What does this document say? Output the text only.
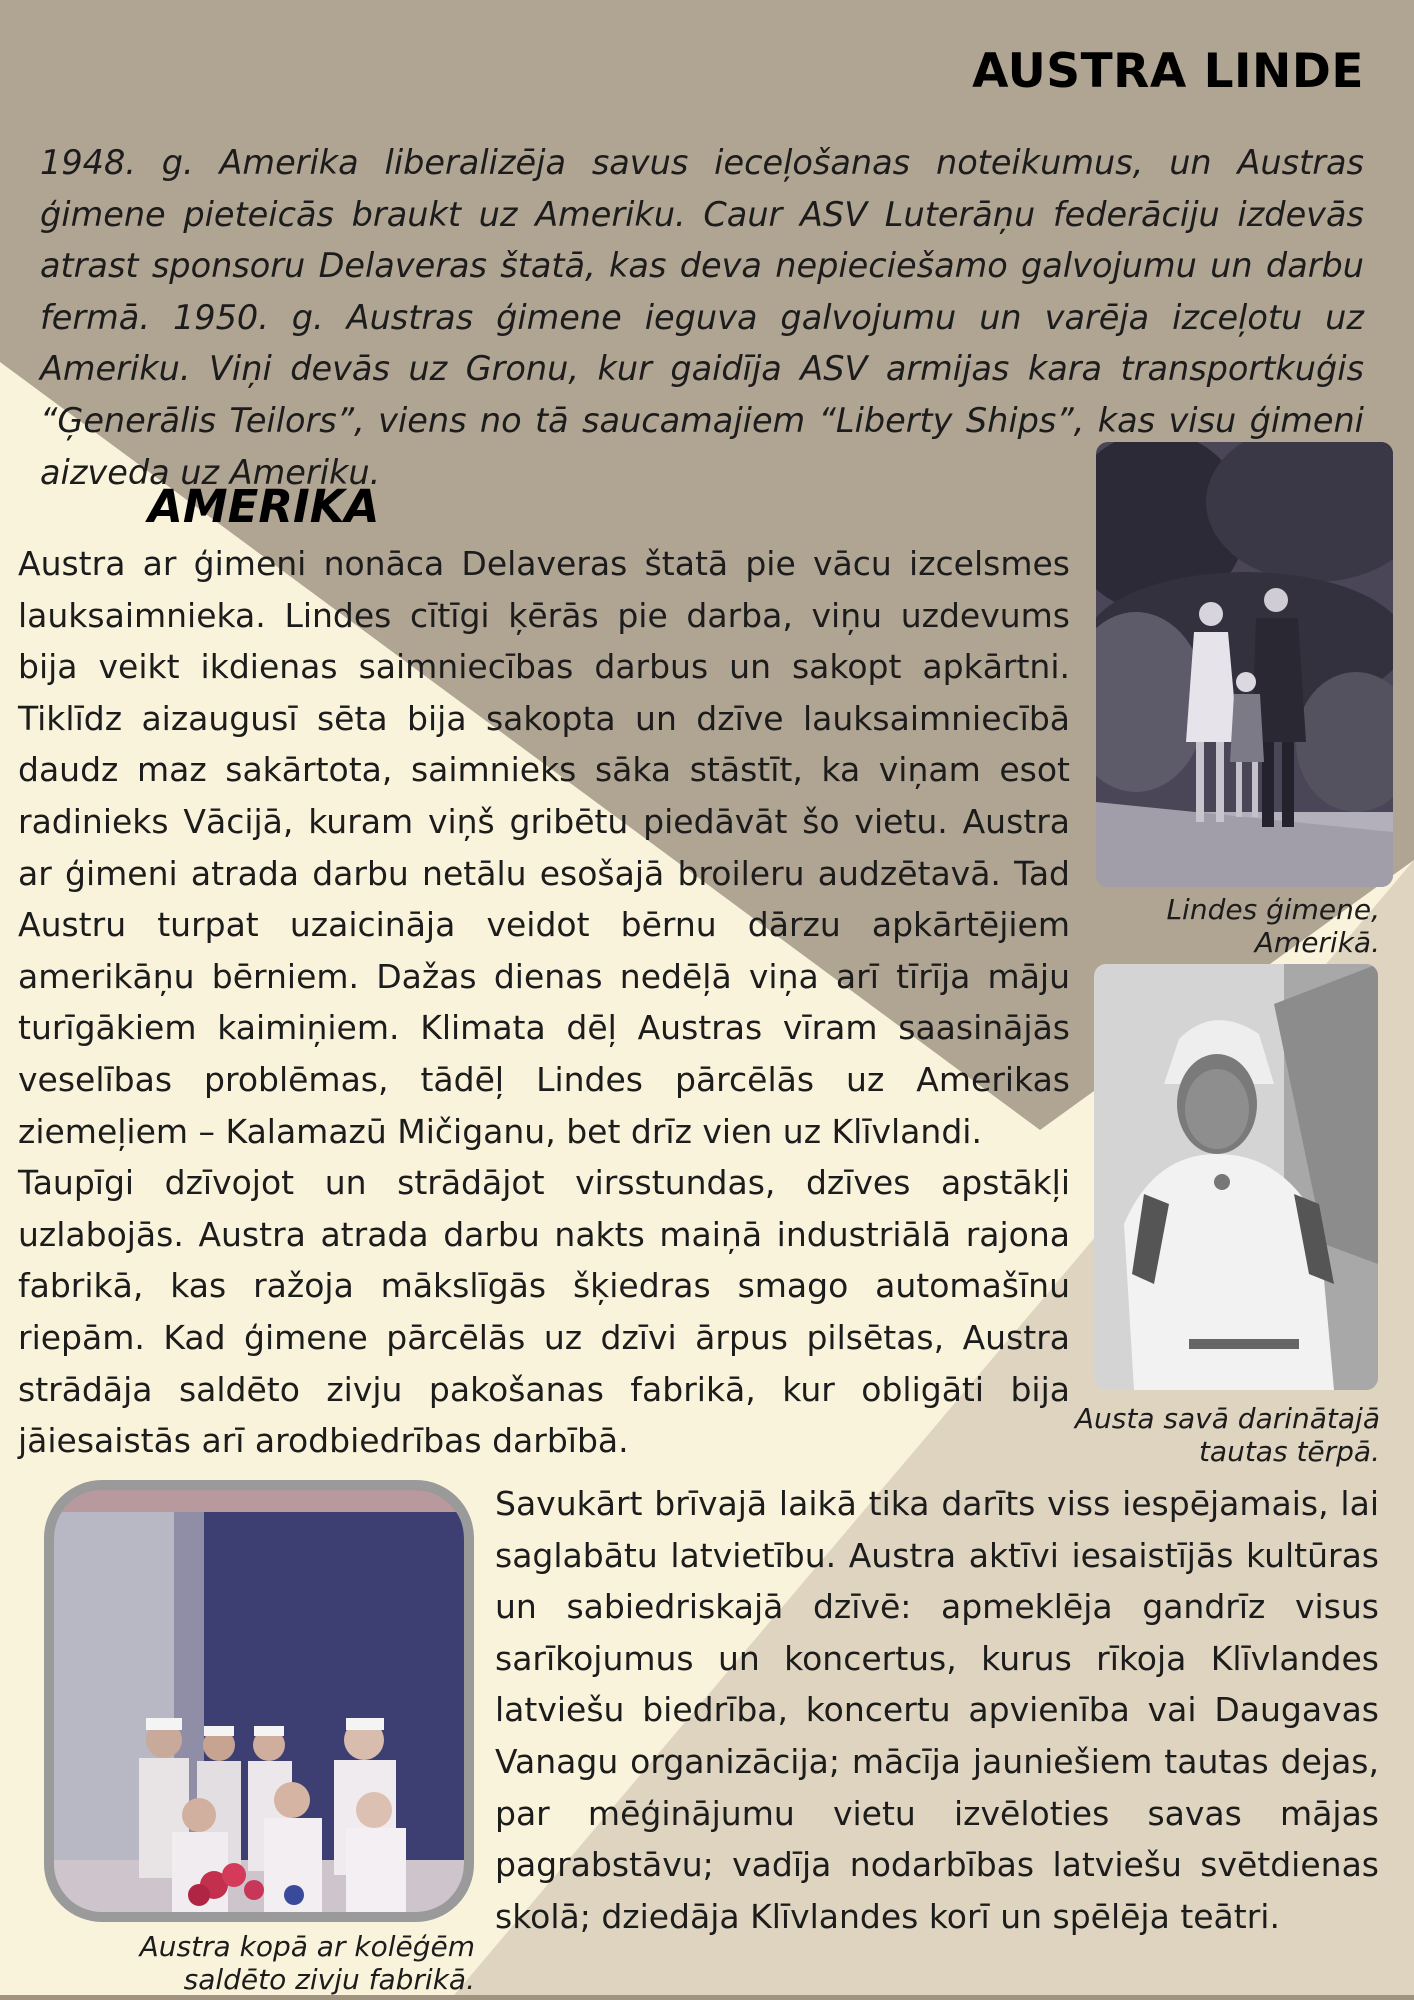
AUSTRA LINDE

1948. g. Amerika liberalizēja savus ieceļošanas noteikumus, un Austras ģimene pieteicās braukt uz Ameriku. Caur ASV Luterāņu federāciju izdevās atrast sponsoru Delaveras štatā, kas deva nepieciešamo galvojumu un darbu fermā. 1950. g. Austras ģimene ieguva galvojumu un varēja izceļotu uz Ameriku. Viņi devās uz Gronu, kur gaidīja ASV armijas kara transportkuģis “Ģenerālis Teilors”, viens no tā saucamajiem “Liberty Ships”, kas visu ģimeni aizveda uz Ameriku.

AMERIKA

Austra ar ģimeni nonāca Delaveras štatā pie vācu izcelsmes lauksaimnieka. Lindes cītīgi ķērās pie darba, viņu uzdevums bija veikt ikdienas saimniecības darbus un sakopt apkārtni. Tiklīdz aizaugusī sēta bija sakopta un dzīve lauksaimniecībā daudz maz sakārtota, saimnieks sāka stāstīt, ka viņam esot radinieks Vācijā, kuram viņš gribētu piedāvāt šo vietu. Austra ar ģimeni atrada darbu netālu esošajā broileru audzētavā. Tad Austru turpat uzaicināja veidot bērnu dārzu apkārtējiem amerikāņu bērniem. Dažas dienas nedēļā viņa arī tīrīja māju turīgākiem kaimiņiem. Klimata dēļ Austras vīram saasinājās veselības problēmas, tādēļ Lindes pārcēlās uz Amerikas ziemeļiem – Kalamazū Mičiganu, bet drīz vien uz Klīvlandi.

Taupīgi dzīvojot un strādājot virsstundas, dzīves apstākļi uzlabojās. Austra atrada darbu nakts maiņā industriālā rajona fabrikā, kas ražoja mākslīgās šķiedras smago automašīnu riepām. Kad ģimene pārcēlās uz dzīvi ārpus pilsētas, Austra strādāja saldēto zivju pakošanas fabrikā, kur obligāti bija jāiesaistās arī arodbiedrības darbībā.

Savukārt brīvajā laikā tika darīts viss iespējamais, lai saglabātu latvietību. Austra aktīvi iesaistījās kultūras un sabiedriskajā dzīvē: apmeklēja gandrīz visus sarīkojumus un koncertus, kurus rīkoja Klīvlandes latviešu biedrība, koncertu apvienība vai Daugavas Vanagu organizācija; mācīja jauniešiem tautas dejas, par mēģinājumu vietu izvēloties savas mājas pagrabstāvu; vadīja nodarbības latviešu svētdienas skolā; dziedāja Klīvlandes korī un spēlēja teātri.

Lindes ģimene,
Amerikā.

Austa savā darinātajā
tautas tērpā.

Austra kopā ar kolēģēm
saldēto zivju fabrikā.
